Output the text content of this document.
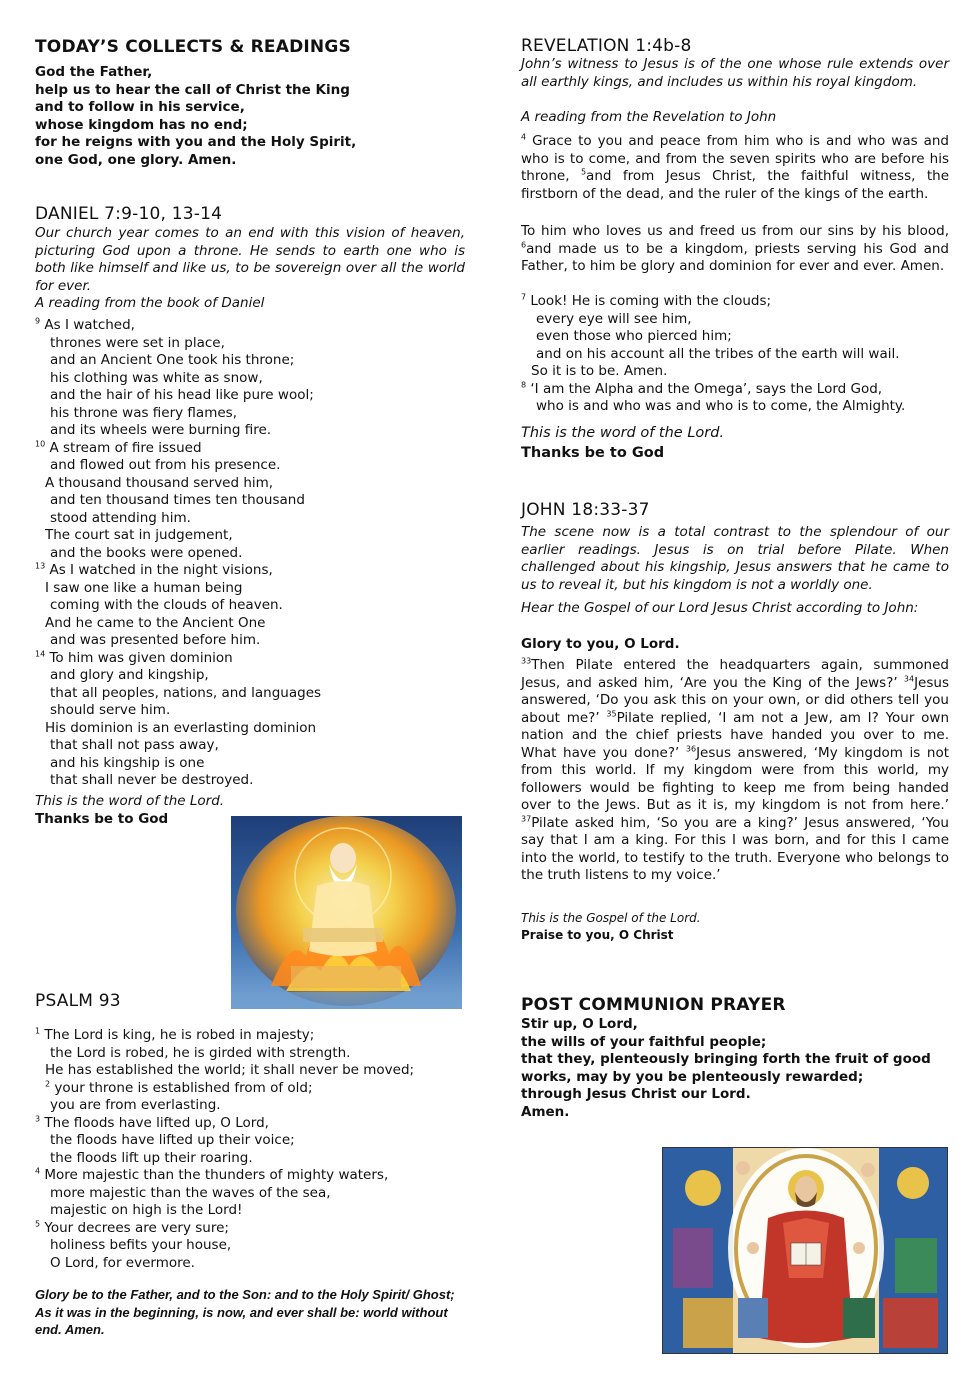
TODAY’S COLLECTS & READINGS
God the Father,
help us to hear the call of Christ the King
and to follow in his service,
whose kingdom has no end;
for he reigns with you and the Holy Spirit,
one God, one glory. Amen.
DANIEL 7:9-10, 13-14
Our church year comes to an end with this vision of heaven, picturing God upon a throne. He sends to earth one who is both like himself and like us, to be sovereign over all the world for ever.
A reading from the book of Daniel
$^9$ As I watched,
thrones were set in place,
and an Ancient One took his throne;
his clothing was white as snow,
and the hair of his head like pure wool;
his throne was fiery flames,
and its wheels were burning fire.
$^{10}$ A stream of fire issued
and flowed out from his presence.
A thousand thousand served him,
and ten thousand times ten thousand
stood attending him.
The court sat in judgement,
and the books were opened.
$^{13}$ As I watched in the night visions,
I saw one like a human being
coming with the clouds of heaven.
And he came to the Ancient One
and was presented before him.
$^{14}$ To him was given dominion
and glory and kingship,
that all peoples, nations, and languages
should serve him.
His dominion is an everlasting dominion
that shall not pass away,
and his kingship is one
that shall never be destroyed.
This is the word of the Lord.
Thanks be to God
PSALM 93
$^1$ The Lord is king, he is robed in majesty;
the Lord is robed, he is girded with strength.
He has established the world; it shall never be moved;
$^2$ your throne is established from of old;
you are from everlasting.
$^3$ The floods have lifted up, O Lord,
the floods have lifted up their voice;
the floods lift up their roaring.
$^4$ More majestic than the thunders of mighty waters,
more majestic than the waves of the sea,
majestic on high is the Lord!
$^5$ Your decrees are very sure;
holiness befits your house,
O Lord, for evermore.
Glory be to the Father, and to the Son: and to the Holy Spirit/ Ghost; As it was in the beginning, is now, and ever shall be: world without end. Amen.
REVELATION 1:4b-8
John’s witness to Jesus is of the one whose rule extends over all earthly kings, and includes us within his royal kingdom.
A reading from the Revelation to John
$^4$ Grace to you and peace from him who is and who was and who is to come, and from the seven spirits who are before his throne, $^5$and from Jesus Christ, the faithful witness, the firstborn of the dead, and the ruler of the kings of the earth.
To him who loves us and freed us from our sins by his blood, $^6$and made us to be a kingdom, priests serving his God and Father, to him be glory and dominion for ever and ever. Amen.
$^7$ Look! He is coming with the clouds;
every eye will see him,
even those who pierced him;
and on his account all the tribes of the earth will wail.
So it is to be. Amen.
$^8$ ‘I am the Alpha and the Omega’, says the Lord God,
who is and who was and who is to come, the Almighty.
This is the word of the Lord.
Thanks be to God
JOHN 18:33-37
The scene now is a total contrast to the splendour of our earlier readings. Jesus is on trial before Pilate. When challenged about his kingship, Jesus answers that he came to us to reveal it, but his kingdom is not a worldly one.
Hear the Gospel of our Lord Jesus Christ according to John:
Glory to you, O Lord.
$^{33}$Then Pilate entered the headquarters again, summoned Jesus, and asked him, ‘Are you the King of the Jews?’ $^{34}$Jesus answered, ‘Do you ask this on your own, or did others tell you about me?’ $^{35}$Pilate replied, ‘I am not a Jew, am I? Your own nation and the chief priests have handed you over to me. What have you done?’ $^{36}$Jesus answered, ‘My kingdom is not from this world. If my kingdom were from this world, my followers would be fighting to keep me from being handed over to the Jews. But as it is, my kingdom is not from here.’ $^{37}$Pilate asked him, ‘So you are a king?’ Jesus answered, ‘You say that I am a king. For this I was born, and for this I came into the world, to testify to the truth. Everyone who belongs to the truth listens to my voice.’
This is the Gospel of the Lord.
Praise to you, O Christ
POST COMMUNION PRAYER
Stir up, O Lord,
the wills of your faithful people;
that they, plenteously bringing forth the fruit of good works, may by you be plenteously rewarded;
through Jesus Christ our Lord.
Amen.
